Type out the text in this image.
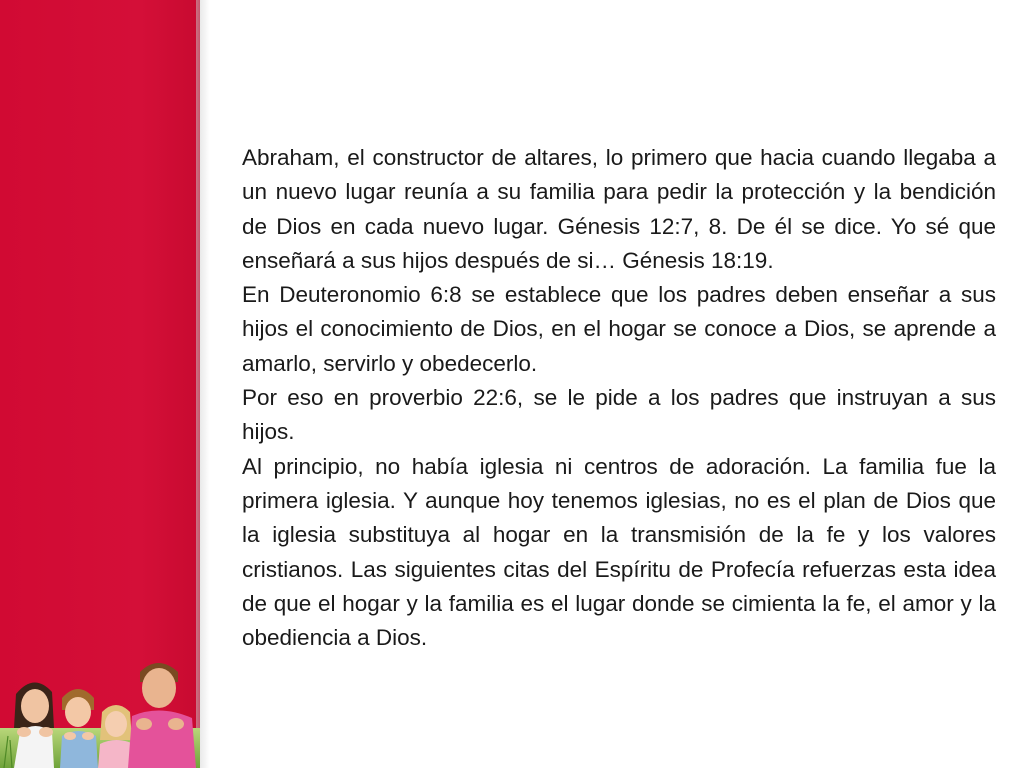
Abraham, el constructor de altares, lo primero que hacia cuando llegaba a un nuevo lugar reunía a su familia para pedir la protección y la bendición de Dios en cada nuevo lugar. Génesis 12:7, 8. De él se dice. Yo sé que enseñará a sus hijos después de si… Génesis 18:19.

En Deuteronomio 6:8 se establece que los padres deben enseñar a sus hijos el conocimiento de Dios, en el hogar se conoce a Dios, se aprende a amarlo, servirlo y obedecerlo.

Por eso en proverbio 22:6, se le pide a los padres que instruyan a sus hijos.

Al principio, no había iglesia ni centros de adoración. La familia fue la primera iglesia. Y aunque hoy tenemos iglesias, no es el plan de Dios que la iglesia substituya al hogar en la transmisión de la fe y los valores cristianos. Las siguientes citas del Espíritu de Profecía refuerzas esta idea de que el hogar y la familia es el lugar donde se cimienta la fe, el amor y la obediencia a Dios.
